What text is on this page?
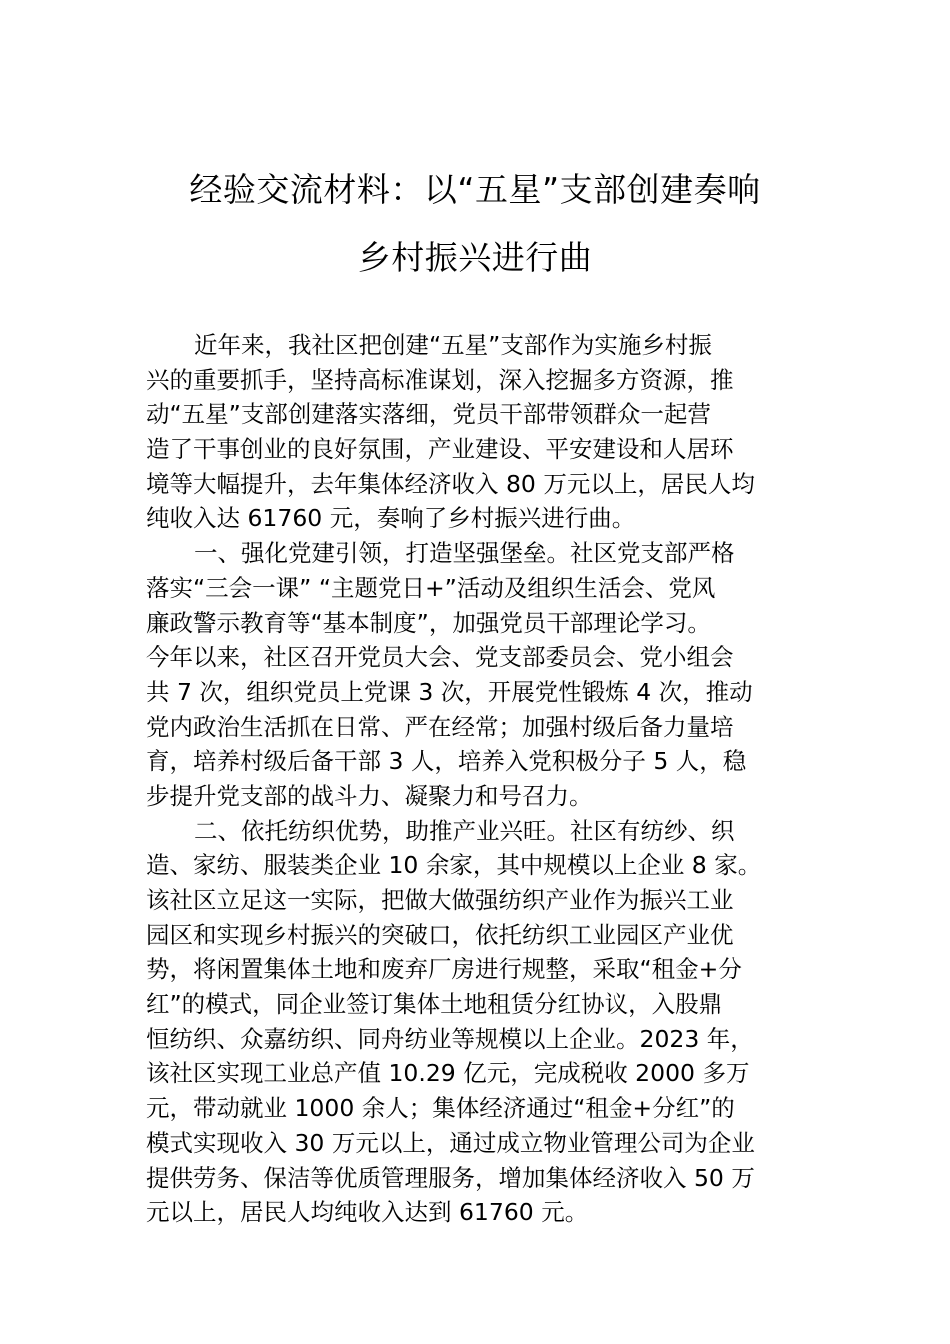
经验交流材料：以“五星”支部创建奏响
乡村振兴进行曲
近年来，我社区把创建“五星”支部作为实施乡村振
兴的重要抓手，坚持高标准谋划，深入挖掘多方资源，推
动“五星”支部创建落实落细，党员干部带领群众一起营
造了干事创业的良好氛围，产业建设、平安建设和人居环
境等大幅提升，去年集体经济收入 80 万元以上，居民人均
纯收入达 61760 元，奏响了乡村振兴进行曲。
一、强化党建引领，打造坚强堡垒。社区党支部严格
落实“三会一课” “主题党日+”活动及组织生活会、党风
廉政警示教育等“基本制度”，加强党员干部理论学习。
今年以来，社区召开党员大会、党支部委员会、党小组会
共 7 次，组织党员上党课 3 次，开展党性锻炼 4 次，推动
党内政治生活抓在日常、严在经常；加强村级后备力量培
育，培养村级后备干部 3 人，培养入党积极分子 5 人，稳
步提升党支部的战斗力、凝聚力和号召力。
二、依托纺织优势，助推产业兴旺。社区有纺纱、织
造、家纺、服装类企业 10 余家，其中规模以上企业 8 家。
该社区立足这一实际，把做大做强纺织产业作为振兴工业
园区和实现乡村振兴的突破口，依托纺织工业园区产业优
势，将闲置集体土地和废弃厂房进行规整，采取“租金+分
红”的模式，同企业签订集体土地租赁分红协议，入股鼎
恒纺织、众嘉纺织、同舟纺业等规模以上企业。2023 年，
该社区实现工业总产值 10.29 亿元，完成税收 2000 多万
元，带动就业 1000 余人；集体经济通过“租金+分红”的
模式实现收入 30 万元以上，通过成立物业管理公司为企业
提供劳务、保洁等优质管理服务，增加集体经济收入 50 万
元以上，居民人均纯收入达到 61760 元。
